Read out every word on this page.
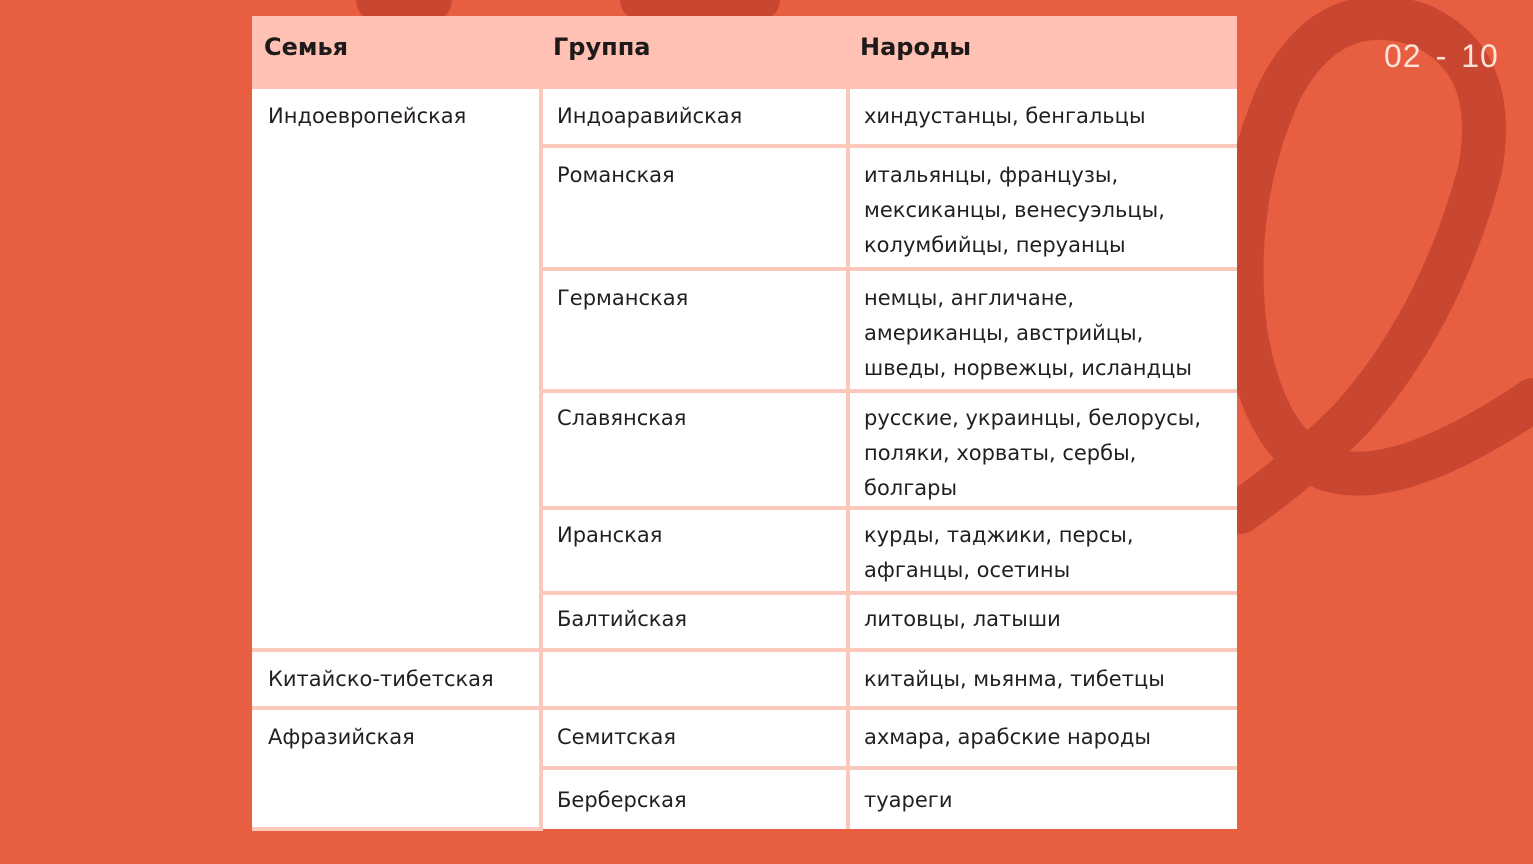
02 - 10
Семья	Группа	Народы
Индоевропейская	Индоаравийская	хиндустанцы, бенгальцы
	Романская	итальянцы, французы, мексиканцы, венесуэльцы, колумбийцы, перуанцы
	Германская	немцы, англичане, американцы, австрийцы, шведы, норвежцы, исландцы
	Славянская	русские, украинцы, белорусы, поляки, хорваты, сербы, болгары
	Иранская	курды, таджики, персы, афганцы, осетины
	Балтийская	литовцы, латыши
Китайско-тибетская		китайцы, мьянма, тибетцы
Афразийская	Семитская	ахмара, арабские народы
	Берберская	туареги
